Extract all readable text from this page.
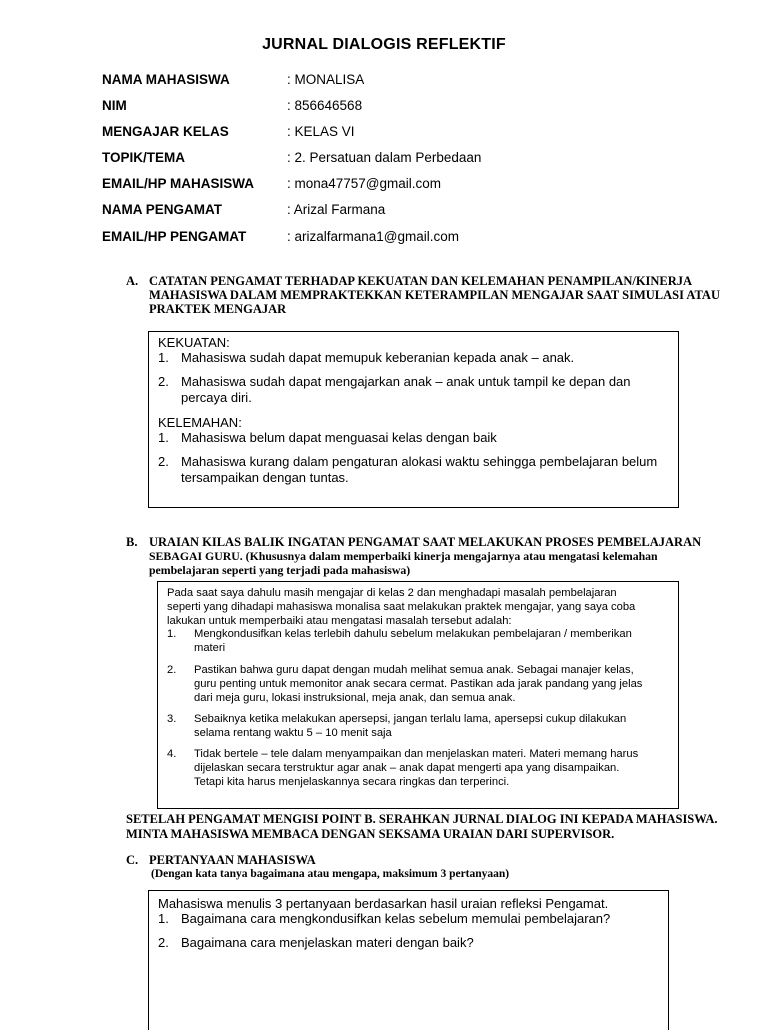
JURNAL DIALOGIS REFLEKTIF
NAMA MAHASISWA	: MONALISA
NIM	: 856646568
MENGAJAR KELAS	: KELAS VI
TOPIK/TEMA	: 2. Persatuan dalam Perbedaan
EMAIL/HP MAHASISWA : mona47757@gmail.com
NAMA PENGAMAT	: Arizal Farmana
EMAIL/HP PENGAMAT	: arizalfarmana1@gmail.com
A. CATATAN PENGAMAT TERHADAP KEKUATAN DAN KELEMAHAN PENAMPILAN/KINERJA
MAHASISWA DALAM MEMPRAKTEKKAN KETERAMPILAN MENGAJAR SAAT SIMULASI ATAU
PRAKTEK MENGAJAR
KEKUATAN:
1. Mahasiswa sudah dapat memupuk keberanian kepada anak – anak.
2. Mahasiswa sudah dapat mengajarkan anak – anak untuk tampil ke depan dan
percaya diri.
KELEMAHAN:
1. Mahasiswa belum dapat menguasai kelas dengan baik
2. Mahasiswa kurang dalam pengaturan alokasi waktu sehingga pembelajaran belum
tersampaikan dengan tuntas.
B. URAIAN KILAS BALIK INGATAN PENGAMAT SAAT MELAKUKAN PROSES PEMBELAJARAN
SEBAGAI GURU. (Khususnya dalam memperbaiki kinerja mengajarnya atau mengatasi kelemahan
pembelajaran seperti yang terjadi pada mahasiswa)
Pada saat saya dahulu masih mengajar di kelas 2 dan menghadapi masalah pembelajaran
seperti yang dihadapi mahasiswa monalisa saat melakukan praktek mengajar, yang saya coba
lakukan untuk memperbaiki atau mengatasi masalah tersebut adalah:
1. Mengkondusifkan kelas terlebih dahulu sebelum melakukan pembelajaran / memberikan
materi
2. Pastikan bahwa guru dapat dengan mudah melihat semua anak. Sebagai manajer kelas,
guru penting untuk memonitor anak secara cermat. Pastikan ada jarak pandang yang jelas
dari meja guru, lokasi instruksional, meja anak, dan semua anak.
3. Sebaiknya ketika melakukan apersepsi, jangan terlalu lama, apersepsi cukup dilakukan
selama rentang waktu 5 – 10 menit saja
4. Tidak bertele – tele dalam menyampaikan dan menjelaskan materi. Materi memang harus
dijelaskan secara terstruktur agar anak – anak dapat mengerti apa yang disampaikan.
Tetapi kita harus menjelaskannya secara ringkas dan terperinci.
SETELAH PENGAMAT MENGISI POINT B. SERAHKAN JURNAL DIALOG INI KEPADA MAHASISWA.
MINTA MAHASISWA MEMBACA DENGAN SEKSAMA URAIAN DARI SUPERVISOR.
C. PERTANYAAN MAHASISWA
(Dengan kata tanya bagaimana atau mengapa, maksimum 3 pertanyaan)
Mahasiswa menulis 3 pertanyaan berdasarkan hasil uraian refleksi Pengamat.
1. Bagaimana cara mengkondusifkan kelas sebelum memulai pembelajaran?
2. Bagaimana cara menjelaskan materi dengan baik?
